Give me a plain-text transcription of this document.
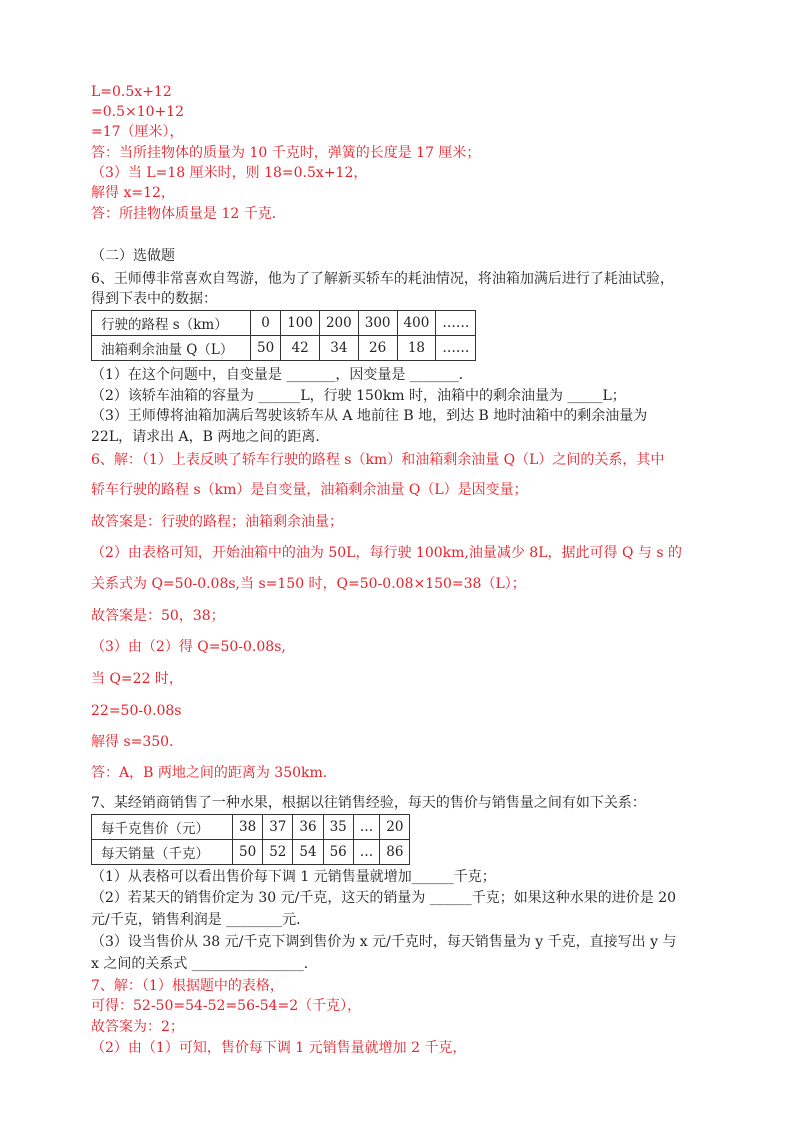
L=0.5x+12
=0.5×10+12
=17（厘米），
答：当所挂物体的质量为 10 千克时，弹簧的长度是 17 厘米；
（3）当 L=18 厘米时，则 18=0.5x+12，
解得 x=12，
答：所挂物体质量是 12 千克．
（二）选做题
6、王师傅非常喜欢自驾游，他为了了解新买轿车的耗油情况，将油箱加满后进行了耗油试验，
得到下表中的数据：
行驶的路程 s（km）	0	100	200	300	400	……
油箱剩余油量 Q（L）	50	42	34	26	18	……
（1）在这个问题中，自变量是 _______，因变量是 _______．
（2）该轿车油箱的容量为 ______L，行驶 150km 时，油箱中的剩余油量为 _____L；
（3）王师傅将油箱加满后驾驶该轿车从 A 地前往 B 地，到达 B 地时油箱中的剩余油量为
22L，请求出 A，B 两地之间的距离．
6、解：（1）上表反映了轿车行驶的路程 s（km）和油箱剩余油量 Q（L）之间的关系，其中
轿车行驶的路程 s（km）是自变量，油箱剩余油量 Q（L）是因变量；
故答案是：行驶的路程；油箱剩余油量；
（2）由表格可知，开始油箱中的油为 50L，每行驶 100km,油量减少 8L，据此可得 Q 与 s 的
关系式为 Q=50-0.08s,当 s=150 时，Q=50-0.08×150=38（L）；
故答案是：50，38；
（3）由（2）得 Q=50-0.08s,
当 Q=22 时，
22=50-0.08s
解得 s=350．
答：A，B 两地之间的距离为 350km.
7、某经销商销售了一种水果，根据以往销售经验，每天的售价与销售量之间有如下关系：
每千克售价（元）	38	37	36	35	…	20
每天销量（千克）	50	52	54	56	…	86
（1）从表格可以看出售价每下调 1 元销售量就增加______千克；
（2）若某天的销售价定为 30 元/千克，这天的销量为 ______千克；如果这种水果的进价是 20
元/千克，销售利润是 ________元．
（3）设当售价从 38 元/千克下调到售价为 x 元/千克时，每天销售量为 y 千克，直接写出 y 与
x 之间的关系式 ________________．
7、解：（1）根据题中的表格，
可得：52-50=54-52=56-54=2（千克），
故答案为：2；
（2）由（1）可知，售价每下调 1 元销售量就增加 2 千克，
